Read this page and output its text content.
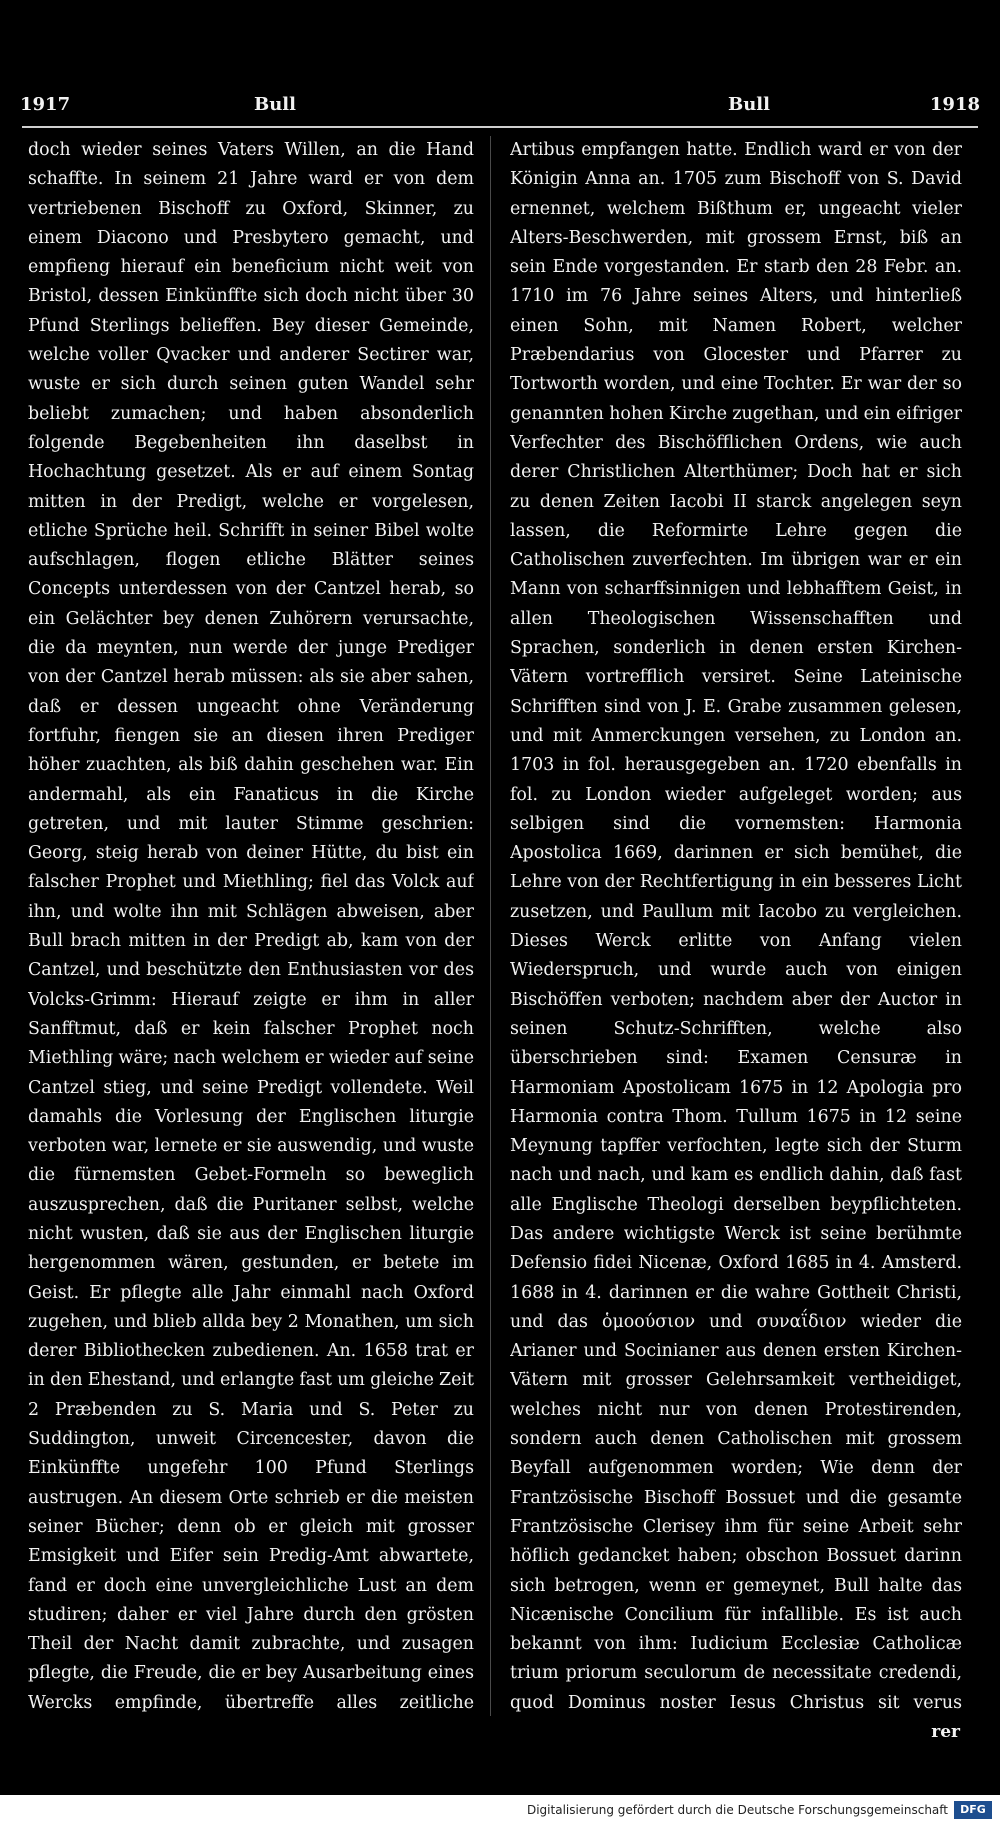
1917	Bull	Bull	1918

doch wieder seines Vaters Willen, an die Hand schaffte. In seinem 21 Jahre ward er von dem vertriebenen Bischoff zu Oxford, Skinner, zu einem Diacono und Presbytero gemacht, und empfieng hierauf ein beneficium nicht weit von Bristol, dessen Einkünffte sich doch nicht über 30 Pfund Sterlings belieffen. Bey dieser Gemeinde, welche voller Qvacker und anderer Sectirer war, wuste er sich durch seinen guten Wandel sehr beliebt zumachen; und haben absonderlich folgende Begebenheiten ihn daselbst in Hochachtung gesetzet. Als er auf einem Sontag mitten in der Predigt, welche er vorgelesen, etliche Sprüche heil. Schrifft in seiner Bibel wolte aufschlagen, flogen etliche Blätter seines Concepts unterdessen von der Cantzel herab, so ein Gelächter bey denen Zuhörern verursachte, die da meynten, nun werde der junge Prediger von der Cantzel herab müssen: als sie aber sahen, daß er dessen ungeacht ohne Veränderung fortfuhr, fiengen sie an diesen ihren Prediger höher zuachten, als biß dahin geschehen war. Ein andermahl, als ein Fanaticus in die Kirche getreten, und mit lauter Stimme geschrien: Georg, steig herab von deiner Hütte, du bist ein falscher Prophet und Miethling; fiel das Volck auf ihn, und wolte ihn mit Schlägen abweisen, aber Bull brach mitten in der Predigt ab, kam von der Cantzel, und beschützte den Enthusiasten vor des Volcks-Grimm: Hierauf zeigte er ihm in aller Sanfftmut, daß er kein falscher Prophet noch Miethling wäre; nach welchem er wieder auf seine Cantzel stieg, und seine Predigt vollendete. Weil damahls die Vorlesung der Englischen liturgie verboten war, lernete er sie auswendig, und wuste die fürnemsten Gebet-Formeln so beweglich auszusprechen, daß die Puritaner selbst, welche nicht wusten, daß sie aus der Englischen liturgie hergenommen wären, gestunden, er betete im Geist. Er pflegte alle Jahr einmahl nach Oxford zugehen, und blieb allda bey 2 Monathen, um sich derer Bibliothecken zubedienen. An. 1658 trat er in den Ehestand, und erlangte fast um gleiche Zeit 2 Præbenden zu S. Maria und S. Peter zu Suddington, unweit Circencester, davon die Einkünffte ungefehr 100 Pfund Sterlings austrugen. An diesem Orte schrieb er die meisten seiner Bücher; denn ob er gleich mit grosser Emsigkeit und Eifer sein Predig-Amt abwartete, fand er doch eine unvergleichliche Lust an dem studiren; daher er viel Jahre durch den grösten Theil der Nacht damit zubrachte, und zusagen pflegte, die Freude, die er bey Ausarbeitung eines Wercks empfinde, übertreffe alles zeitliche

Artibus empfangen hatte. Endlich ward er von der Königin Anna an. 1705 zum Bischoff von S. David ernennet, welchem Bißthum er, ungeacht vieler Alters-Beschwerden, mit grossem Ernst, biß an sein Ende vorgestanden. Er starb den 28 Febr. an. 1710 im 76 Jahre seines Alters, und hinterließ einen Sohn, mit Namen Robert, welcher Præbendarius von Glocester und Pfarrer zu Tortworth worden, und eine Tochter. Er war der so genannten hohen Kirche zugethan, und ein eifriger Verfechter des Bischöfflichen Ordens, wie auch derer Christlichen Alterthümer; Doch hat er sich zu denen Zeiten Iacobi II starck angelegen seyn lassen, die Reformirte Lehre gegen die Catholischen zuverfechten. Im übrigen war er ein Mann von scharffsinnigen und lebhafftem Geist, in allen Theologischen Wissenschafften und Sprachen, sonderlich in denen ersten Kirchen-Vätern vortrefflich versiret. Seine Lateinische Schrifften sind von J. E. Grabe zusammen gelesen, und mit Anmerckungen versehen, zu London an. 1703 in fol. herausgegeben an. 1720 ebenfalls in fol. zu London wieder aufgeleget worden; aus selbigen sind die vornemsten: Harmonia Apostolica 1669, darinnen er sich bemühet, die Lehre von der Rechtfertigung in ein besseres Licht zusetzen, und Paullum mit Iacobo zu vergleichen. Dieses Werck erlitte von Anfang vielen Wiederspruch, und wurde auch von einigen Bischöffen verboten; nachdem aber der Auctor in seinen Schutz-Schrifften, welche also überschrieben sind: Examen Censuræ in Harmoniam Apostolicam 1675 in 12 Apologia pro Harmonia contra Thom. Tullum 1675 in 12 seine Meynung tapffer verfochten, legte sich der Sturm nach und nach, und kam es endlich dahin, daß fast alle Englische Theologi derselben beypflichteten. Das andere wichtigste Werck ist seine berühmte Defensio fidei Nicenæ, Oxford 1685 in 4. Amsterd. 1688 in 4. darinnen er die wahre Gottheit Christi, und das ὁμοούσιον und συναΐδιον wieder die Arianer und Socinianer aus denen ersten Kirchen-Vätern mit grosser Gelehrsamkeit vertheidiget, welches nicht nur von denen Protestirenden, sondern auch denen Catholischen mit grossem Beyfall aufgenommen worden; Wie denn der Frantzösische Bischoff Bossuet und die gesamte Frantzösische Clerisey ihm für seine Arbeit sehr höflich gedancket haben; obschon Bossuet darinn sich betrogen, wenn er gemeynet, Bull halte das Nicænische Concilium für infallible. Es ist auch bekannt von ihm: Iudicium Ecclesiæ Catholicæ trium priorum seculorum de necessitate credendi, quod Dominus noster Iesus Christus sit verus

rer
Digitalisierung gefördert durch die Deutsche Forschungsgemeinschaft	DFG
